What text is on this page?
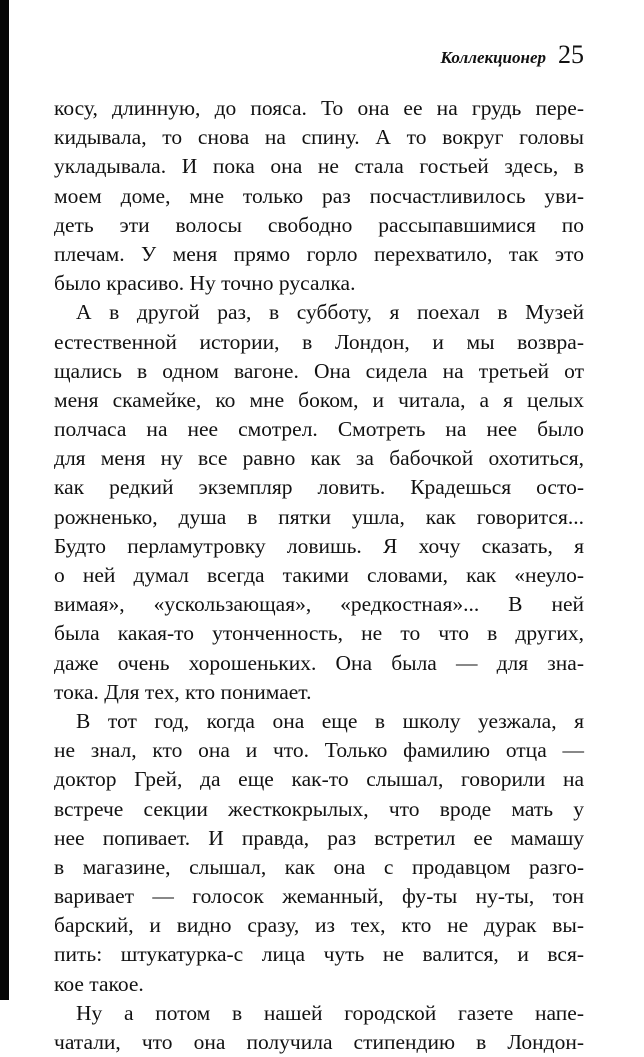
Коллекционер 25
косу, длинную, до пояса. То она ее на грудь пере-
кидывала, то снова на спину. А то вокруг головы
укладывала. И пока она не стала гостьей здесь, в
моем доме, мне только раз посчастливилось уви-
деть эти волосы свободно рассыпавшимися по
плечам. У меня прямо горло перехватило, так это
было красиво. Ну точно русалка.
А в другой раз, в субботу, я поехал в Музей
естественной истории, в Лондон, и мы возвра-
щались в одном вагоне. Она сидела на третьей от
меня скамейке, ко мне боком, и читала, а я целых
полчаса на нее смотрел. Смотреть на нее было
для меня ну все равно как за бабочкой охотиться,
как редкий экземпляр ловить. Крадешься осто-
рожненько, душа в пятки ушла, как говорится...
Будто перламутровку ловишь. Я хочу сказать, я
о ней думал всегда такими словами, как «неуло-
вимая», «ускользающая», «редкостная»... В ней
была какая-то утонченность, не то что в других,
даже очень хорошеньких. Она была — для зна-
тока. Для тех, кто понимает.
В тот год, когда она еще в школу уезжала, я
не знал, кто она и что. Только фамилию отца —
доктор Грей, да еще как-то слышал, говорили на
встрече секции жесткокрылых, что вроде мать у
нее попивает. И правда, раз встретил ее мамашу
в магазине, слышал, как она с продавцом разго-
варивает — голосок жеманный, фу-ты ну-ты, тон
барский, и видно сразу, из тех, кто не дурак вы-
пить: штукатурка-с лица чуть не валится, и вся-
кое такое.
Ну а потом в нашей городской газете напе-
чатали, что она получила стипендию в Лондон-
